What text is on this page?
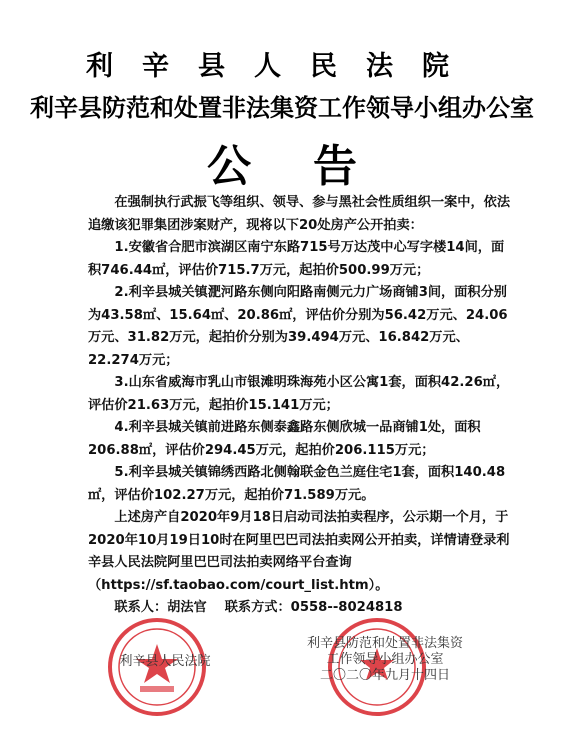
利辛县人民法院
利辛县防范和处置非法集资工作领导小组办公室
公告

在强制执行武振飞等组织、领导、参与黑社会性质组织一案中，依法追缴该犯罪集团涉案财产，现将以下20处房产公开拍卖：

1.安徽省合肥市滨湖区南宁东路715号万达茂中心写字楼14间，面积746.44㎡，评估价715.7万元，起拍价500.99万元；

2.利辛县城关镇淝河路东侧向阳路南侧元力广场商铺3间，面积分别为43.58㎡、15.64㎡、20.86㎡，评估价分别为56.42万元、24.06万元、31.82万元，起拍价分别为39.494万元、16.842万元、22.274万元；

3.山东省威海市乳山市银滩明珠海苑小区公寓1套，面积42.26㎡，评估价21.63万元，起拍价15.141万元；

4.利辛县城关镇前进路东侧泰鑫路东侧欣城一品商铺1处，面积206.88㎡，评估价294.45万元，起拍价206.115万元；

5.利辛县城关镇锦绣西路北侧翰联金色兰庭住宅1套，面积140.48㎡，评估价102.27万元，起拍价71.589万元。

上述房产自2020年9月18日启动司法拍卖程序，公示期一个月，于2020年10月19日10时在阿里巴巴司法拍卖网公开拍卖，详情请登录利辛县人民法院阿里巴巴司法拍卖网络平台查询（https://sf.taobao.com/court_list.htm）。

联系人：胡法官 联系方式：0558--8024818

利辛县人民法院
利辛县防范和处置非法集资
工作领导小组办公室
二〇二〇年九月十四日
